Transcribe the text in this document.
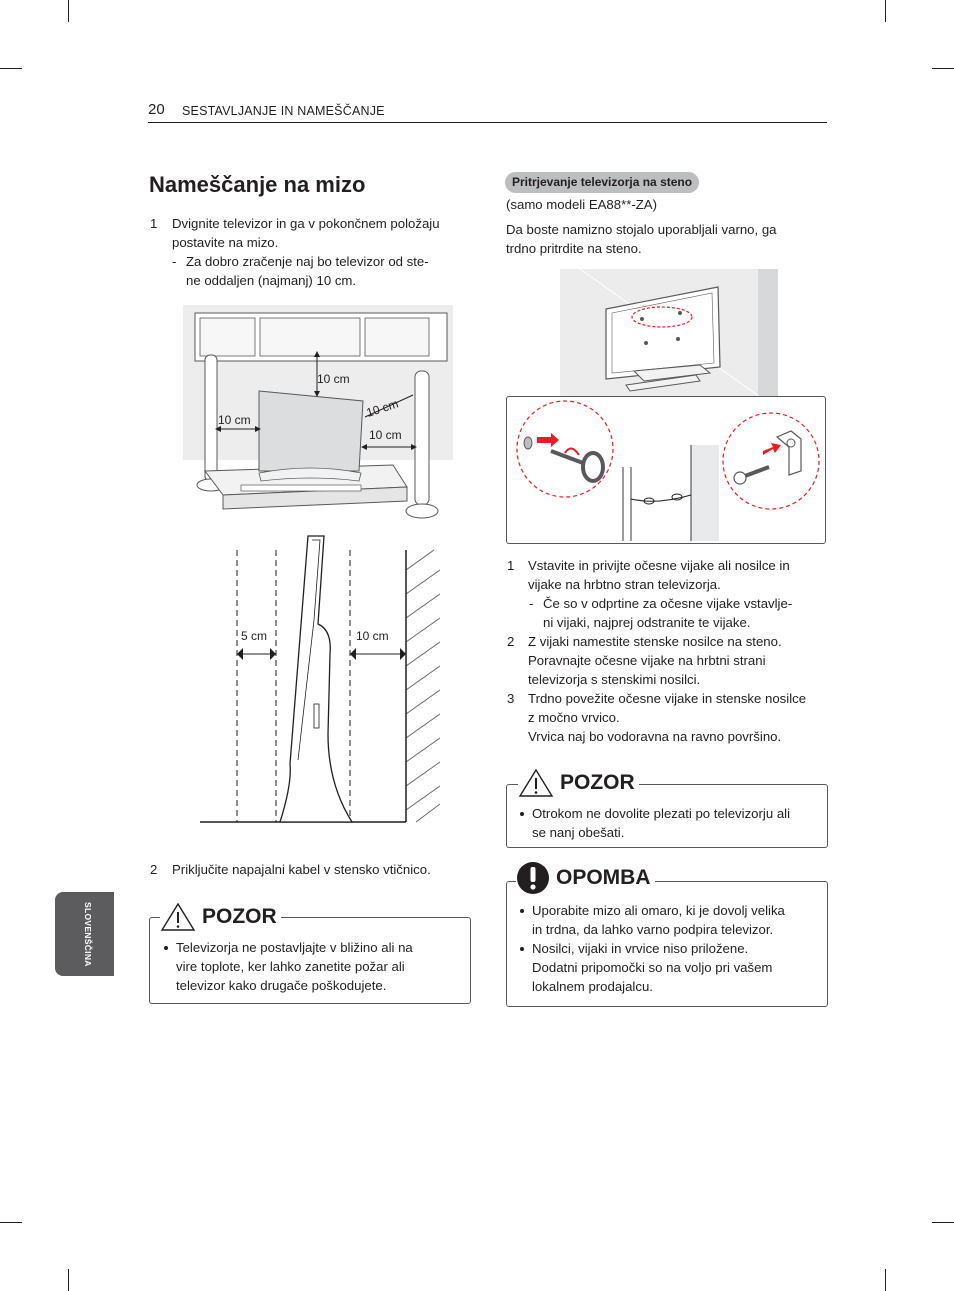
20 SESTAVLJANJE IN NAMEŠČANJE
SLOVENŠČINA
Nameščanje na mizo
1 Dvignite televizor in ga v pokončnem položaju
postavite na mizo.
- Za dobro zračenje naj bo televizor od ste-
ne oddaljen (najmanj) 10 cm.
10 cm
10 cm
10 cm
10 cm
5 cm	10 cm
2 Priključite napajalni kabel v stensko vtičnico.
POZOR
Televizorja ne postavljajte v bližino ali na
vire toplote, ker lahko zanetite požar ali
televizor kako drugače poškodujete.
Pritrjevanje televizorja na steno
(samo modeli EA88**-ZA)
Da boste namizno stojalo uporabljali varno, ga
trdno pritrdite na steno.
1 Vstavite in privijte očesne vijake ali nosilce in
vijake na hrbtno stran televizorja.
- Če so v odprtine za očesne vijake vstavlje-
ni vijaki, najprej odstranite te vijake.
2 Z vijaki namestite stenske nosilce na steno.
Poravnajte očesne vijake na hrbtni strani
televizorja s stenskimi nosilci.
3 Trdno povežite očesne vijake in stenske nosilce
z močno vrvico.
Vrvica naj bo vodoravna na ravno površino.
POZOR
Otrokom ne dovolite plezati po televizorju ali
se nanj obešati.
OPOMBA
Uporabite mizo ali omaro, ki je dovolj velika
in trdna, da lahko varno podpira televizor.
Nosilci, vijaki in vrvice niso priložene.
Dodatni pripomočki so na voljo pri vašem
lokalnem prodajalcu.
